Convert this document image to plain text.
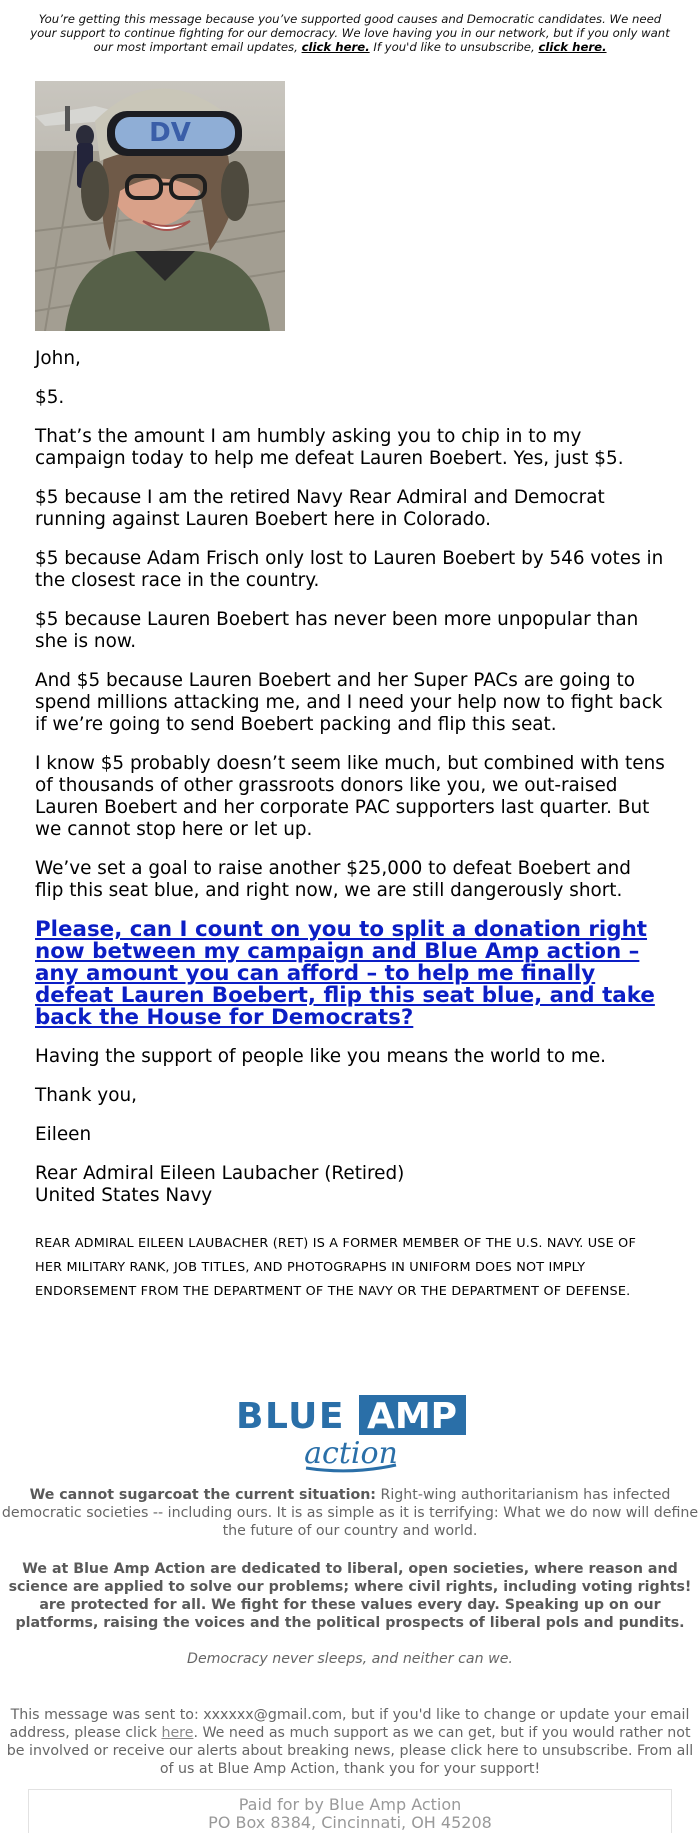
You’re getting this message because you’ve supported good causes and Democratic candidates. We need your support to continue fighting for our democracy. We love having you in our network, but if you only want our most important email updates, click here. If you'd like to unsubscribe, click here.
DV

John,

$5.

That’s the amount I am humbly asking you to chip in to my campaign today to help me defeat Lauren Boebert. Yes, just $5.

$5 because I am the retired Navy Rear Admiral and Democrat running against Lauren Boebert here in Colorado.

$5 because Adam Frisch only lost to Lauren Boebert by 546 votes in the closest race in the country.

$5 because Lauren Boebert has never been more unpopular than she is now.

And $5 because Lauren Boebert and her Super PACs are going to spend millions attacking me, and I need your help now to fight back if we’re going to send Boebert packing and flip this seat.

I know $5 probably doesn’t seem like much, but combined with tens of thousands of other grassroots donors like you, we out-raised Lauren Boebert and her corporate PAC supporters last quarter. But we cannot stop here or let up.

We’ve set a goal to raise another $25,000 to defeat Boebert and flip this seat blue, and right now, we are still dangerously short.

Please, can I count on you to split a donation right now between my campaign and Blue Amp action – any amount you can afford – to help me finally defeat Lauren Boebert, flip this seat blue, and take back the House for Democrats?

Having the support of people like you means the world to me.

Thank you,

Eileen

Rear Admiral Eileen Laubacher (Retired)

United States Navy

REAR ADMIRAL EILEEN LAUBACHER (RET) IS A FORMER MEMBER OF THE U.S. NAVY. USE OF HER MILITARY RANK, JOB TITLES, AND PHOTOGRAPHS IN UNIFORM DOES NOT IMPLY ENDORSEMENT FROM THE DEPARTMENT OF THE NAVY OR THE DEPARTMENT OF DEFENSE.
BLUE AMP
action
We cannot sugarcoat the current situation: Right-wing authoritarianism has infected democratic societies -- including ours. It is as simple as it is terrifying: What we do now will define the future of our country and world.
We at Blue Amp Action are dedicated to liberal, open societies, where reason and science are applied to solve our problems; where civil rights, including voting rights! are protected for all. We fight for these values every day. Speaking up on our platforms, raising the voices and the political prospects of liberal pols and pundits.
Democracy never sleeps, and neither can we.
This message was sent to: xxxxxx@gmail.com, but if you'd like to change or update your email address, please click here. We need as much support as we can get, but if you would rather not be involved or receive our alerts about breaking news, please click here to unsubscribe. From all of us at Blue Amp Action, thank you for your support!
Paid for by Blue Amp Action
PO Box 8384, Cincinnati, OH 45208
